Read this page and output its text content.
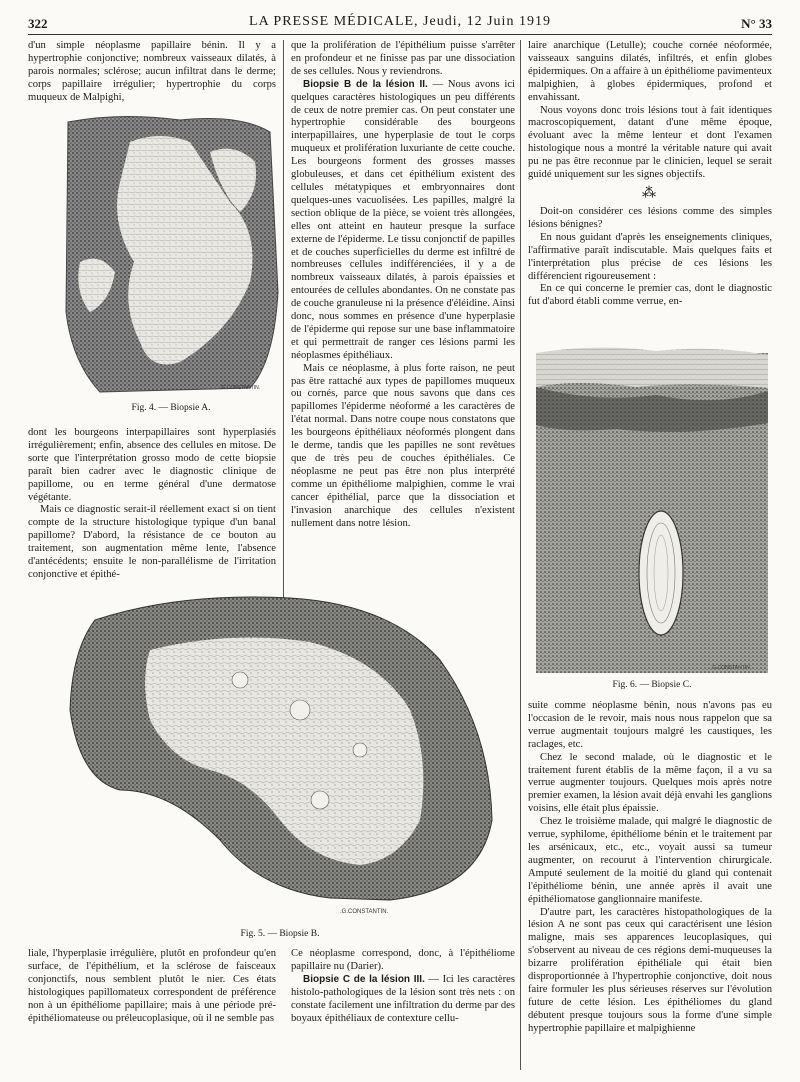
322	LA PRESSE MÉDICALE, Jeudi, 12 Juin 1919	N° 33

d'un simple néoplasme papillaire bénin. Il y a hypertrophie conjonctive; nombreux vaisseaux dilatés, à parois normales; sclérose; aucun infiltrat dans le derme; corps papillaire irrégulier; hypertrophie du corps muqueux de Malpighi,

.G.CONSTANTIN.
Fig. 4. — Biopsie A.

dont les bourgeons interpapillaires sont hyperplasiés irrégulièrement; enfin, absence des cellules en mitose. De sorte que l'interprétation grosso modo de cette biopsie paraît bien cadrer avec le diagnostic clinique de papillome, ou en terme général d'une dermatose végétante.

Mais ce diagnostic serait-il réellement exact si on tient compte de la structure histologique typique d'un banal papillome? D'abord, la résistance de ce bouton au traitement, son augmentation même lente, l'absence d'antécédents; ensuite le non-parallélisme de l'irritation conjonctive et épithé-

que la prolifération de l'épithélium puisse s'arrêter en profondeur et ne finisse pas par une dissociation de ses cellules. Nous y reviendrons.

Biopsie B de la lésion II. — Nous avons ici quelques caractères histologiques un peu différents de ceux de notre premier cas. On peut constater une hypertrophie considérable des bourgeons interpapillaires, une hyperplasie de tout le corps muqueux et prolifération luxuriante de cette couche. Les bourgeons forment des grosses masses globuleuses, et dans cet épithélium existent des cellules métatypiques et embryonnaires dont quelques-unes vacuolisées. Les papilles, malgré la section oblique de la pièce, se voient très allongées, elles ont atteint en hauteur presque la surface externe de l'épiderme. Le tissu conjonctif de papilles et de couches superficielles du derme est infiltré de nombreuses cellules indifférenciées, il y a de nombreux vaisseaux dilatés, à parois épaissies et entourées de cellules abondantes. On ne constate pas de couche granuleuse ni la présence d'éléidine. Ainsi donc, nous sommes en présence d'une hyperplasie de l'épiderme qui repose sur une base inflammatoire et qui permettrait de ranger ces lésions parmi les néoplasmes épithéliaux.

Mais ce néoplasme, à plus forte raison, ne peut pas être rattaché aux types de papillomes muqueux ou cornés, parce que nous savons que dans ces papillomes l'épiderme néoformé a les caractères de l'état normal. Dans notre coupe nous constatons que les bourgeons épithéliaux néoformés plongent dans le derme, tandis que les papilles ne sont revêtues que de très peu de couches épithéliales. Ce néoplasme ne peut pas être non plus interprété comme un épithéliome malpighien, comme le vrai cancer épithélial, parce que la dissociation et l'invasion anarchique des cellules n'existent nullement dans notre lésion.

laire anarchique (Letulle); couche cornée néoformée, vaisseaux sanguins dilatés, infiltrés, et enfin globes épidermiques. On a affaire à un épithéliome pavimenteux malpighien, à globes épidermiques, profond et envahissant.

Nous voyons donc trois lésions tout à fait identiques macroscopiquement, datant d'une même époque, évoluant avec la même lenteur et dont l'examen histologique nous a montré la véritable nature qui avait pu ne pas être reconnue par le clinicien, lequel se serait guidé uniquement sur les signes objectifs.

⁂

Doit-on considérer ces lésions comme des simples lésions bénignes?

En nous guidant d'après les enseignements cliniques, l'affirmative paraît indiscutable. Mais quelques faits et l'interprétation plus précise de ces lésions les différencient rigoureusement :

En ce qui concerne le premier cas, dont le diagnostic fut d'abord établi comme verrue, en-

.G.CONSTANTIN.
Fig. 6. — Biopsie C.

suite comme néoplasme bénin, nous n'avons pas eu l'occasion de le revoir, mais nous nous rappelon que sa verrue augmentait toujours malgré les caustiques, les raclages, etc.

Chez le second malade, où le diagnostic et le traitement furent établis de la même façon, il a vu sa verrue augmenter toujours. Quelques mois après notre premier examen, la lésion avait déjà envahi les ganglions voisins, elle était plus épaissie.

Chez le troisième malade, qui malgré le diagnostic de verrue, syphilome, épithéliome bénin et le traitement par les arsénicaux, etc., etc., voyait aussi sa tumeur augmenter, on recourut à l'intervention chirurgicale. Amputé seulement de la moitié du gland qui contenait l'épithéliome bénin, une année après il avait une épithéliomatose ganglionnaire manifeste.

D'autre part, les caractères histopathologiques de la lésion A ne sont pas ceux qui caractérisent une lésion maligne, mais ses apparences leucoplasiques, qui s'observent au niveau de ces régions demi-muqueuses la bizarre prolifération épithéliale qui était bien disproportionnée à l'hypertrophie conjonctive, doit nous faire formuler les plus sérieuses réserves sur l'évolution future de cette lésion. Les épithéliomes du gland débutent presque toujours sous la forme d'une simple hypertrophie papillaire et malpighienne

.G.CONSTANTIN.
Fig. 5. — Biopsie B.

liale, l'hyperplasie irrégulière, plutôt en profondeur qu'en surface, de l'épithélium, et la sclérose de faisceaux conjonctifs, nous semblent plutôt le nier. Ces états histologiques papillomateux correspondent de préférence non à un épithéliome papillaire; mais à une période pré-épithéliomateuse ou préleucoplasique, où il ne semble pas

Ce néoplasme correspond, donc, à l'épithéliome papillaire nu (Darier).

Biopsie C de la lésion III. — Ici les caractères histolo-pathologiques de la lésion sont très nets : on constate facilement une infiltration du derme par des boyaux épithéliaux de contexture cellu-
